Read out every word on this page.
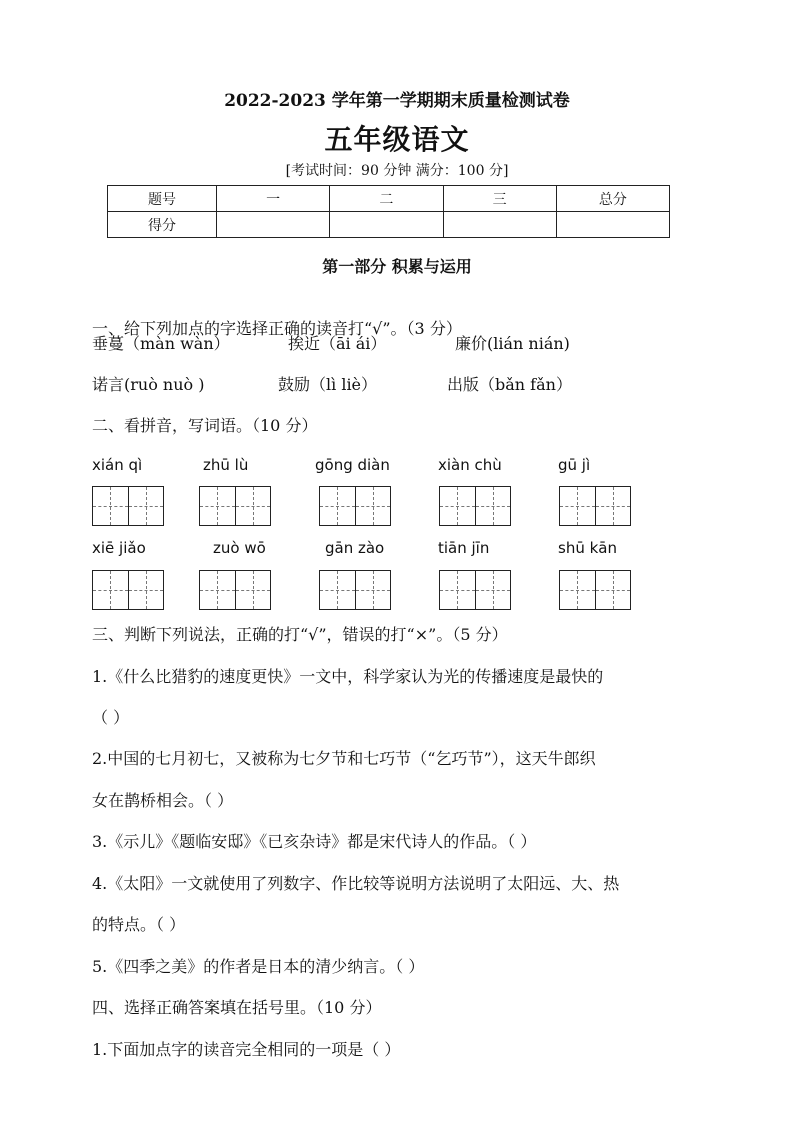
2022-2023 学年第一学期期末质量检测试卷
五年级语文
[考试时间：90 分钟 满分：100 分]
题号	一	二	三	总分
得分				
第一部分 积累与运用
一、给下列加点的字选择正确的读音打“√”。（3 分）
垂蔓（màn wàn）	挨近（āi ái）	廉价(lián nián)
诺言(ruò nuò )	鼓励（lì liè）	出版（bǎn fǎn）
二、看拼音，写词语。（10 分）
xián qì	zhū lù	gōng diàn	xiàn chù	gū jì
xiē jiǎo	zuò wō	gān zào	tiān jīn	shū kān
三、判断下列说法，正确的打“√”，错误的打“×”。（5 分）
1.《什么比猎豹的速度更快》一文中，科学家认为光的传播速度是最快的
（ ）
2.中国的七月初七，又被称为七夕节和七巧节（“乞巧节”），这天牛郎织
女在鹊桥相会。（ ）
3.《示儿》《题临安邸》《已亥杂诗》都是宋代诗人的作品。（ ）
4.《太阳》一文就使用了列数字、作比较等说明方法说明了太阳远、大、热
的特点。（ ）
5.《四季之美》的作者是日本的清少纳言。（ ）
四、选择正确答案填在括号里。（10 分）
1.下面加点字的读音完全相同的一项是（ ）
